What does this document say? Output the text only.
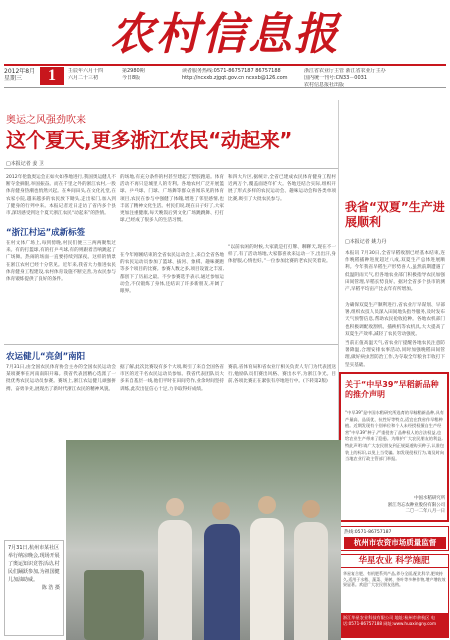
农村信息报
2012年8月
星期三	1	壬辰年六月十四
六月二十三初
第2980期
今日8版
读者服务热线:0571-86757187 86757188
http://ncxxb.zjgqt.gov.cn ncxxb@126.com
浙江省农业厅主管 浙江省农业厅主办
国内统一刊号:CN33－0031
农村信息报社出版
奥运之风强劲吹来
这个夏天,更多浙江农民“动起来”
□本报记者 姜 卫
2012年伦敦奥运会正如火如荼地进行,我国奥运健儿不断夺金摘银,举国振奋。而在千里之外的浙江农村,一股体育健身热潮也悄然兴起。在乡间田头,在文化礼堂,在农家小院,越来越多的农民放下锄头,走出家门,加入到了健身的行列中来。本报记者近日走访了省内多个县市,深切感受到这个夏天浙江农民“动起来”的热情。
“浙江村运”成新标签
在村文体广场上,每到傍晚,村民们便三三两两聚集过来。有的打篮球,有的打乒乓球,有的则跟着音响跳起了广场舞。热闹的场面一直要持续到深夜。这样的情景在浙江农村已经十分常见。近年来,我省大力推进农民体育健身工程建设,农村体育设施不断完善,为农民参与体育锻炼提供了良好的条件。
的场地,有充分条件的村甚至建起了塑胶跑道。体育活动不再只是城里人的专利。各地农村广泛开展篮球、乒乓球、门球、广场舞等群众喜闻乐见的体育项目,农民在参与中强健了体魄,增进了邻里感情,也丰富了精神文化生活。村民们说,现在日子好了,大家更加注重健康,每天晚饭后到文化广场跳跳舞、打打球,已经成了很多人的生活习惯。
在今年刚刚结束的全省农民运动会上,来自全省各地的农民运动员参加了篮球、拔河、象棋、趣味赛跑等多个项目的比赛。参赛人数之多,项目设置之丰富,都创下了历届之最。不少参赛选手表示,通过参加运动会,不仅锻炼了身体,还结识了许多新朋友,开阔了眼界。
和四大片区,据统计,全省已建成农民体育健身工程村近两万个,覆盖面逐年扩大。各地还结合实际,组织开展了形式多样的农民运动会、趣味运动会和各类单项比赛,吸引了大批农民参与。
“以前农闲的时候,大家就是打打牌、聊聊天,现在不一样了,有了活动场地,大家都喜欢来运动一下,出出汗,身体舒服,心情也好。”一位参加比赛的老农民笑着说。
农运健儿“亮剑”南阳
7月31日,由全国农民体育协会主办的全国农民运动会某项赛事在河南南阳开幕。我省代表团精心选派了一批优秀农民运动员参赛。赛场上,浙江农运健儿顽强拼搏、奋勇争先,展现出了新时代浙江农民的精神风貌。
据了解,此次比赛设有多个大项,吸引了来自全国各省市区的近千名农民运动员参加。我省代表团队员大多来自基层一线,他们平时在田间劳作,业余时间坚持训练,此次出征信心十足,力争取得好成绩。
赛前,省体育局和省农业厅相关负责人专门为代表团送行,勉励队员们赛出风格、赛出水平,为浙江争光。目前,各项比赛正在紧张有序地进行中。(下转第2版)
我省“双夏”生产进展顺利
□本报记者 姚力丹
本报讯 7月30日,全省早稻收割已经基本结束,连作晚稻插种进度超过八成,双夏生产总体进展顺利。今年我省早稻生产形势喜人,虽然前期遭遇了低温阴雨天气,但各地农业部门积极指导农民加强田间管理,早稻长势良好。据对全省多个县市的测产,早稻平均亩产比去年有所增加。
为确保双夏生产顺利进行,省农业厅早谋划、早部署,组织农技人员深入田间地头指导服务,及时发布天气预警信息,帮助农民抢收抢种。各地农机部门也积极调配收割机、插秧机等农机具,大大提高了双夏生产效率,减轻了农民劳动强度。
当前正值高温天气,省农业厅提醒各地农民注意防暑降温,合理安排农事活动,同时加强晚稻田间管理,做好病虫害防治工作,为夺取全年粮食丰收打下坚实基础。
关于“中早39”早稻新品种的推介声明
“中早39”是中国水稻研究所选育的早籼稻新品种,具有产量高、品质优、抗性好等特点,适宜在我省作早稻种植。近期发现有个别单位和个人未经授权擅自生产经营“中早39”种子,严重侵害了品种权人的合法权益,也给农业生产带来了隐患。为维护广大农民朋友的利益,特此声明:请广大农民朋友到正规渠道购买种子,认准包装上的标识,以免上当受骗。如发现侵权行为,请及时向当地农业行政主管部门举报。
中国水稻研究所
浙江勿忘农种业股份有限公司
二〇一二年八月一日
热线:0571-86757187
杭州市农资市场质量监督
华星农业 科学施肥
华星复合肥、有机肥系列产品,养分全面,配比科学,肥效持久,适用于水稻、蔬菜、果树、茶叶等多种作物,增产增收效果显著。欢迎广大农民朋友选购。
浙江华星农业科技有限公司 地址:杭州市余杭区 电话:0571-86757188 网址:www.huaxingny.com
7月31日,杭州市某社区举行纳凉晚会,现场开展了奥运知识竞答活动,村民们踊跃参加,为祖国健儿加油助威。
陈 浩 摄
